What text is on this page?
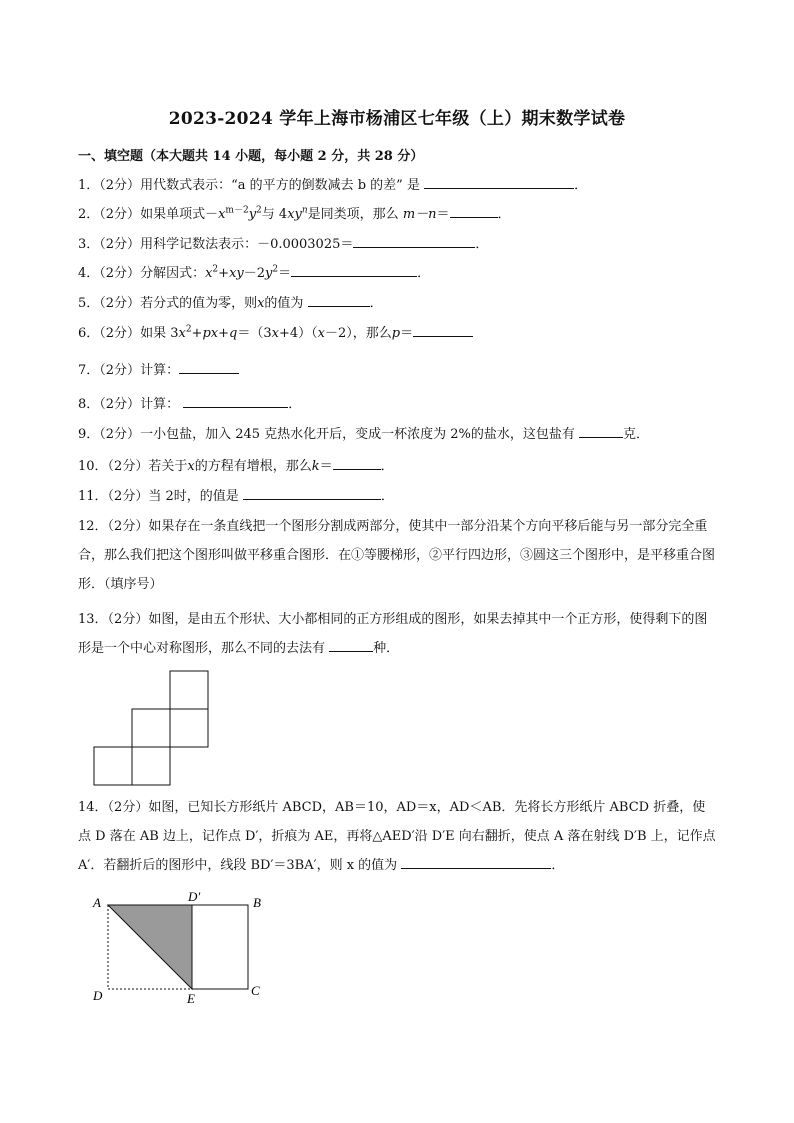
2023-2024 学年上海市杨浦区七年级（上）期末数学试卷
一、填空题（本大题共 14 小题，每小题 2 分，共 28 分）
1．（2分）用代数式表示：“a 的平方的倒数减去 b 的差” 是	．
2．（2分）如果单项式$-x^{m-2}y^2$与 $4xy^n$是同类项，那么 m－n＝	．
3．（2分）用科学记数法表示：－0.0003025＝	．
4．（2分）分解因式：$x^2+xy-2y^2=$	．
5．（2分）若分式的值为零，则x的值为	．
6．（2分）如果 $3x^2+px+q=(3x+4)(x-2)$，那么p＝
7．（2分）计算：
8．（2分）计算：	．
9．（2分）一小包盐，加入 245 克热水化开后，变成一杯浓度为 2%的盐水，这包盐有	克．
10．（2分）若关于x的方程有增根，那么k＝	．
11．（2分）当 2时，的值是	．
12．（2分）如果存在一条直线把一个图形分割成两部分，使其中一部分沿某个方向平移后能与另一部分完全重合，那么我们把这个图形叫做平移重合图形．在①等腰梯形，②平行四边形，③圆这三个图形中，是平移重合图形．（填序号）
13．（2分）如图，是由五个形状、大小都相同的正方形组成的图形，如果去掉其中一个正方形，使得剩下的图形是一个中心对称图形，那么不同的去法有	种．
14．（2分）如图，已知长方形纸片 ABCD，AB＝10，AD＝x，AD＜AB．先将长方形纸片 ABCD 折叠，使点 D 落在 AB 边上，记作点 D′，折痕为 AE，再将△AED′沿 D′E 向右翻折，使点 A 落在射线 D′B 上，记作点 A′．若翻折后的图形中，线段 BD′＝3BA′，则 x 的值为	．
A	D′	B
D	E
C
